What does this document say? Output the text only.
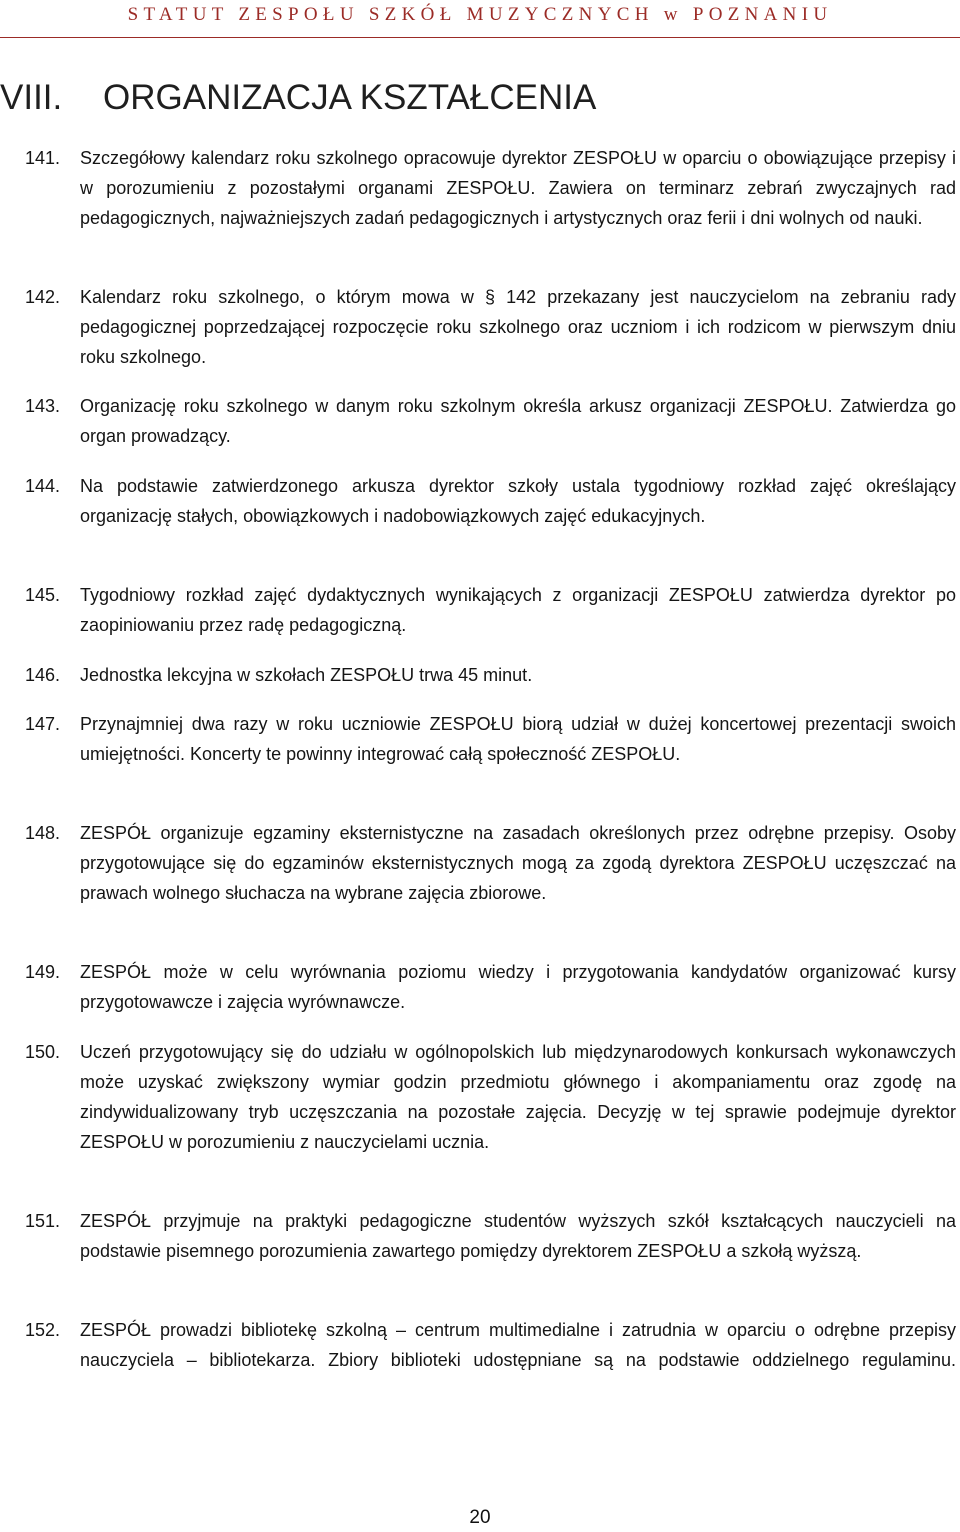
STATUT ZESPOŁU SZKÓŁ MUZYCZNYCH w POZNANIU
VIII. ORGANIZACJA KSZTAŁCENIA
141. Szczegółowy kalendarz roku szkolnego opracowuje dyrektor ZESPOŁU w oparciu o obowiązujące przepisy i w porozumieniu z pozostałymi organami ZESPOŁU. Zawiera on terminarz zebrań zwyczajnych rad pedagogicznych, najważniejszych zadań pedagogicznych i artystycznych oraz ferii i dni wolnych od nauki.
142. Kalendarz roku szkolnego, o którym mowa w § 142 przekazany jest nauczycielom na zebraniu rady pedagogicznej poprzedzającej rozpoczęcie roku szkolnego oraz uczniom i ich rodzicom w pierwszym dniu roku szkolnego.
143. Organizację roku szkolnego w danym roku szkolnym określa arkusz organizacji ZESPOŁU. Zatwierdza go organ prowadzący.
144. Na podstawie zatwierdzonego arkusza dyrektor szkoły ustala tygodniowy rozkład zajęć określający organizację stałych, obowiązkowych i nadobowiązkowych zajęć edukacyjnych.
145. Tygodniowy rozkład zajęć dydaktycznych wynikających z organizacji ZESPOŁU zatwierdza dyrektor po zaopiniowaniu przez radę pedagogiczną.
146. Jednostka lekcyjna w szkołach ZESPOŁU trwa 45 minut.
147. Przynajmniej dwa razy w roku uczniowie ZESPOŁU biorą udział w dużej koncertowej prezentacji swoich umiejętności. Koncerty te powinny integrować całą społeczność ZESPOŁU.
148. ZESPÓŁ organizuje egzaminy eksternistyczne na zasadach określonych przez odrębne przepisy. Osoby przygotowujące się do egzaminów eksternistycznych mogą za zgodą dyrektora ZESPOŁU uczęszczać na prawach wolnego słuchacza na wybrane zajęcia zbiorowe.
149. ZESPÓŁ może w celu wyrównania poziomu wiedzy i przygotowania kandydatów organizować kursy przygotowawcze i zajęcia wyrównawcze.
150. Uczeń przygotowujący się do udziału w ogólnopolskich lub międzynarodowych konkursach wykonawczych może uzyskać zwiększony wymiar godzin przedmiotu głównego i akompaniamentu oraz zgodę na zindywidualizowany tryb uczęszczania na pozostałe zajęcia. Decyzję w tej sprawie podejmuje dyrektor ZESPOŁU w porozumieniu z nauczycielami ucznia.
151. ZESPÓŁ przyjmuje na praktyki pedagogiczne studentów wyższych szkół kształcących nauczycieli na podstawie pisemnego porozumienia zawartego pomiędzy dyrektorem ZESPOŁU a szkołą wyższą.
152. ZESPÓŁ prowadzi bibliotekę szkolną – centrum multimedialne i zatrudnia w oparciu o odrębne przepisy nauczyciela – bibliotekarza. Zbiory biblioteki udostępniane są na podstawie oddzielnego regulaminu.
20
